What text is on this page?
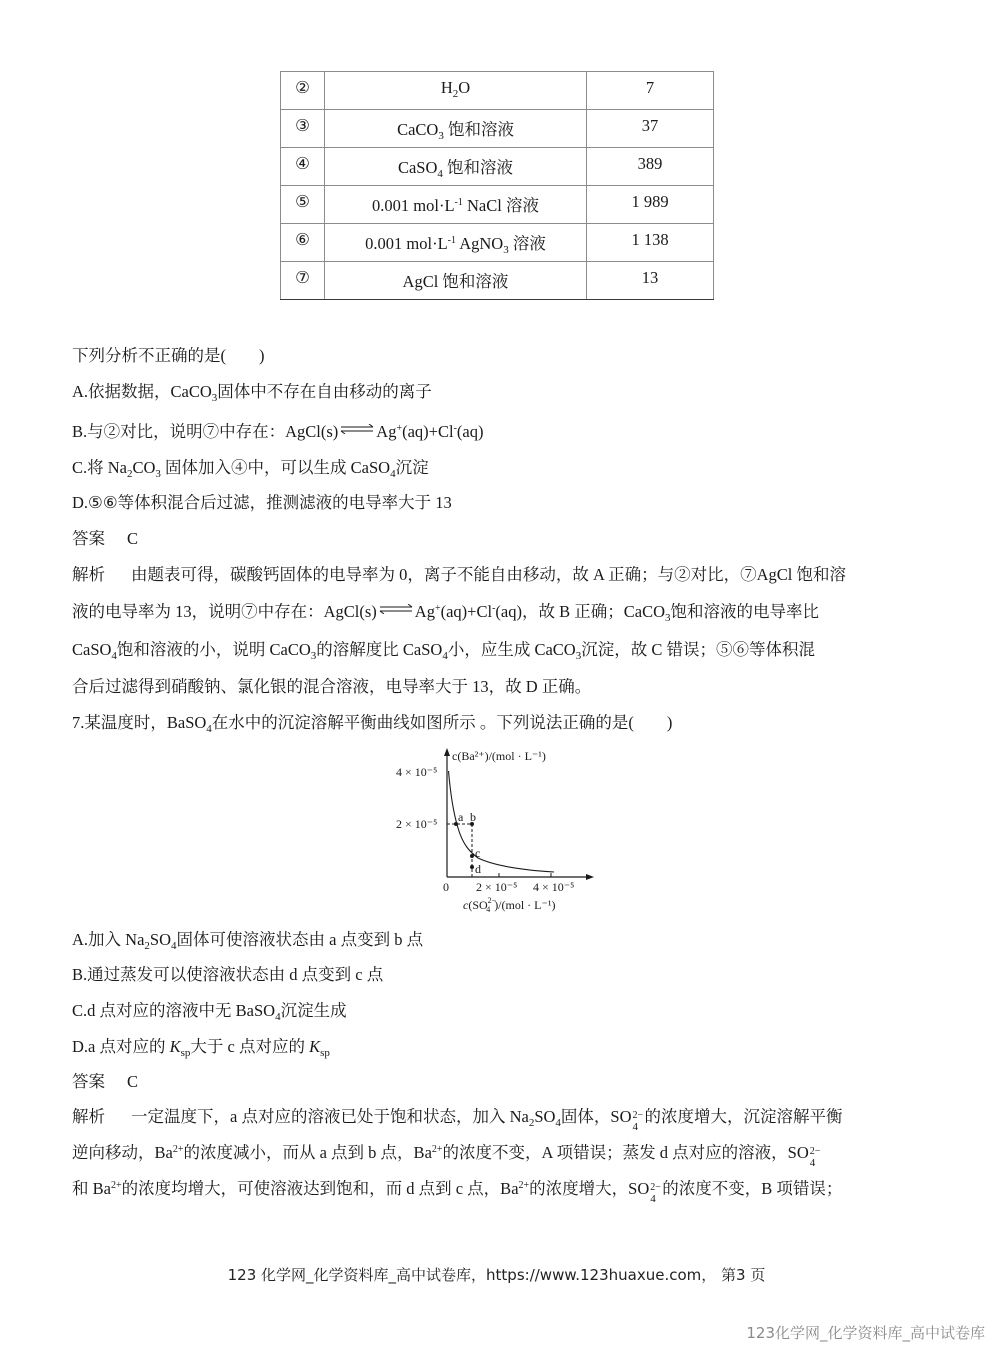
②	$H_2O$	7
③	CaCO$_3$ 饱和溶液	37
④	CaSO$_4$ 饱和溶液	389
⑤	0.001 $mol\cdot L^{-1}$ NaCl 溶液	1 989
⑥	0.001 $mol\cdot L^{-1}$ AgNO$_3$ 溶液	1 138
⑦	AgCl 饱和溶液	13
下列分析不正确的是(　　)
A.依据数据，CaCO$_3$固体中不存在自由移动的离子
B.与②对比，说明⑦中存在：AgCl(s) ⇌ Ag+(aq)+Cl-(aq)
C.将 $Na_2CO_3$ 固体加入④中，可以生成 CaSO$_4$沉淀
D.⑤⑥等体积混合后过滤，推测滤液的电导率大于 13
答案 C
解析 由题表可得，碳酸钙固体的电导率为 0，离子不能自由移动，故 A 正确；与②对比，⑦AgCl 饱和溶
液的电导率为 13，说明⑦中存在：AgCl(s) ⇌ Ag+(aq)+Cl-(aq)，故 B 正确；CaCO$_3$饱和溶液的电导率比
CaSO$_4$饱和溶液的小，说明 CaCO$_3$的溶解度比 CaSO$_4$小，应生成 CaCO$_3$沉淀，故 C 错误；⑤⑥等体积混
合后过滤得到硝酸钠、氯化银的混合溶液，电导率大于 13，故 D 正确。
7.某温度时，BaSO$_4$在水中的沉淀溶解平衡曲线如图所示 。下列说法正确的是(　　)
c(Ba²⁺)/(mol · L⁻¹)
4 × 10⁻⁵
2 × 10⁻⁵ a b
c
d
0 2 × 10⁻⁵ 4 × 10⁻⁵
$c(SO^{2-}$ 4 )/(mol · L⁻¹)
A.加入 $Na_2SO_4$固体可使溶液状态由 a 点变到 b 点
B.通过蒸发可以使溶液状态由 d 点变到 c 点
C.d 点对应的溶液中无 BaSO$_4$沉淀生成
D.a 点对应的 $K_{sp}$大于 c 点对应的 $K_{sp}$
答案 C
解析 一定温度下，a 点对应的溶液已处于饱和状态，加入 $Na_2SO_4$固体，SO 2−
4
的浓度增大，沉淀溶解平衡
逆向移动，$Ba^{2+}$的浓度减小，而从 a 点到 b 点，$Ba^{2+}$的浓度不变，A 项错误；蒸发 d 点对应的溶液，SO 2−
4
和 $Ba^{2+}$的浓度均增大，可使溶液达到饱和，而 d 点到 c 点，$Ba^{2+}$的浓度增大，SO 2−
4
的浓度不变，B 项错误；
123 化学网_化学资料库_高中试卷库，https://www.123huaxue.com， 第3 页
123化学网_化学资料库_高中试卷库
